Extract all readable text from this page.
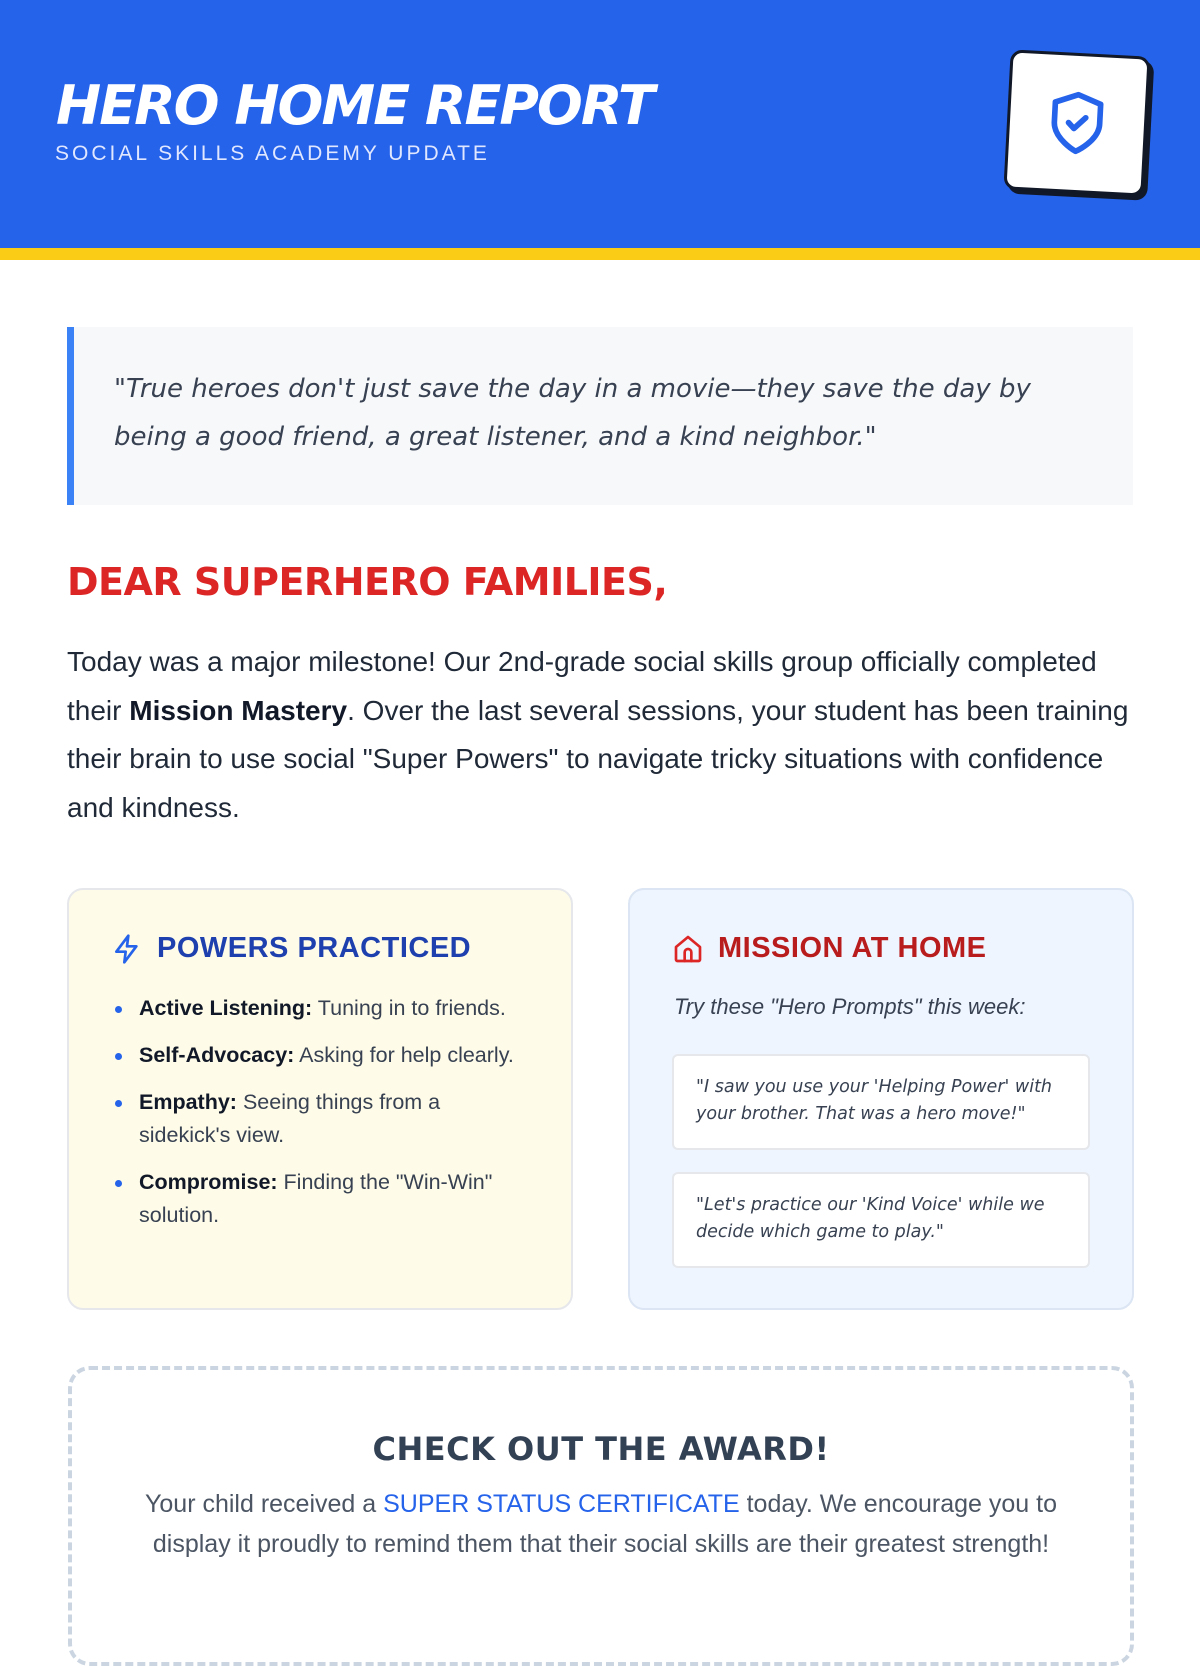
HERO HOME REPORT
SOCIAL SKILLS ACADEMY UPDATE
"True heroes don't just save the day in a movie—they save the day by being a good friend, a great listener, and a kind neighbor."
DEAR SUPERHERO FAMILIES,
Today was a major milestone! Our 2nd-grade social skills group officially completed their Mission Mastery. Over the last several sessions, your student has been training their brain to use social "Super Powers" to navigate tricky situations with confidence and kindness.
POWERS PRACTICED
Active Listening: Tuning in to friends.
Self-Advocacy: Asking for help clearly.
Empathy: Seeing things from a sidekick's view.
Compromise: Finding the "Win-Win" solution.
MISSION AT HOME
Try these "Hero Prompts" this week:
"I saw you use your 'Helping Power' with your brother. That was a hero move!"
"Let's practice our 'Kind Voice' while we decide which game to play."
CHECK OUT THE AWARD!
Your child received a SUPER STATUS CERTIFICATE today. We encourage you to display it proudly to remind them that their social skills are their greatest strength!
